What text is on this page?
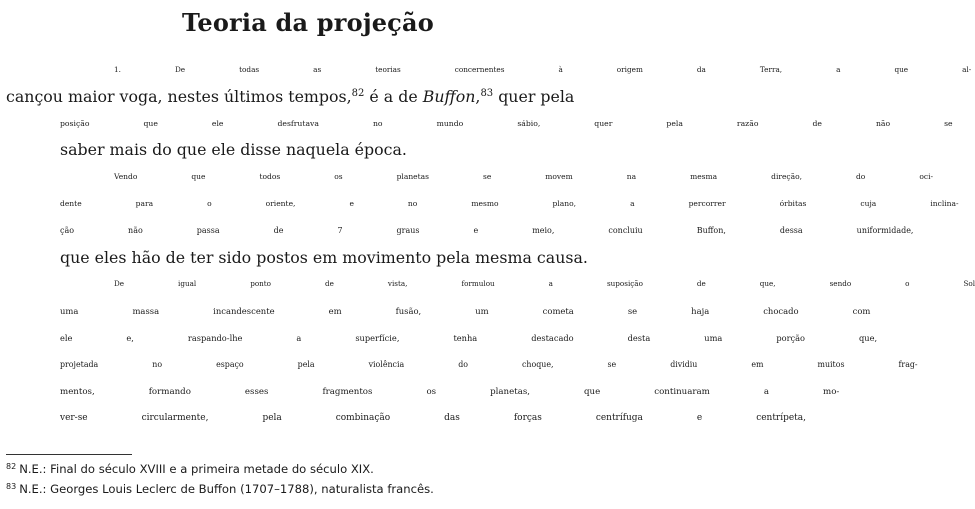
Teoria da projeção

1.	De	todas	as	teorias	concernentes	à	origem	da	Terra,	a	que	al-
cançou maior voga, nestes últimos tempos,$^{82}$ é a de Buffon,$^{83}$ quer pela
posição	que	ele	desfrutava	no	mundo	sábio,	quer	pela	razão	de	não	se
saber mais do que ele disse naquela época.

Vendo	que	todos	os	planetas	se	movem	na	mesma	direção,	do	oci-
dente	para	o	oriente,	e	no	mesmo	plano,	a	percorrer	órbitas	cuja	inclina-
ção	não	passa	de	7	graus	e	meio,	concluiu	Buffon,	dessa	uniformidade,
que eles hão de ter sido postos em movimento pela mesma causa.

De	igual	ponto	de	vista,	formulou	a	suposição	de	que,	sendo	o	Sol
uma	massa	incandescente	em	fusão,	um	cometa	se	haja	chocado	com
ele	e,	raspando-lhe	a	superfície,	tenha	destacado	desta	uma	porção	que,
projetada	no	espaço	pela	violência	do	choque,	se	dividiu	em	muitos	frag-
mentos,	formando	esses	fragmentos	os	planetas,	que	continuaram	a	mo-
ver-se	circularmente,	pela	combinação	das	forças	centrífuga	e	centrípeta,

$^{82}$ N.E.: Final do século XVIII e a primeira metade do século XIX.
$^{83}$ N.E.: Georges Louis Leclerc de Buffon (1707–1788), naturalista francês.
